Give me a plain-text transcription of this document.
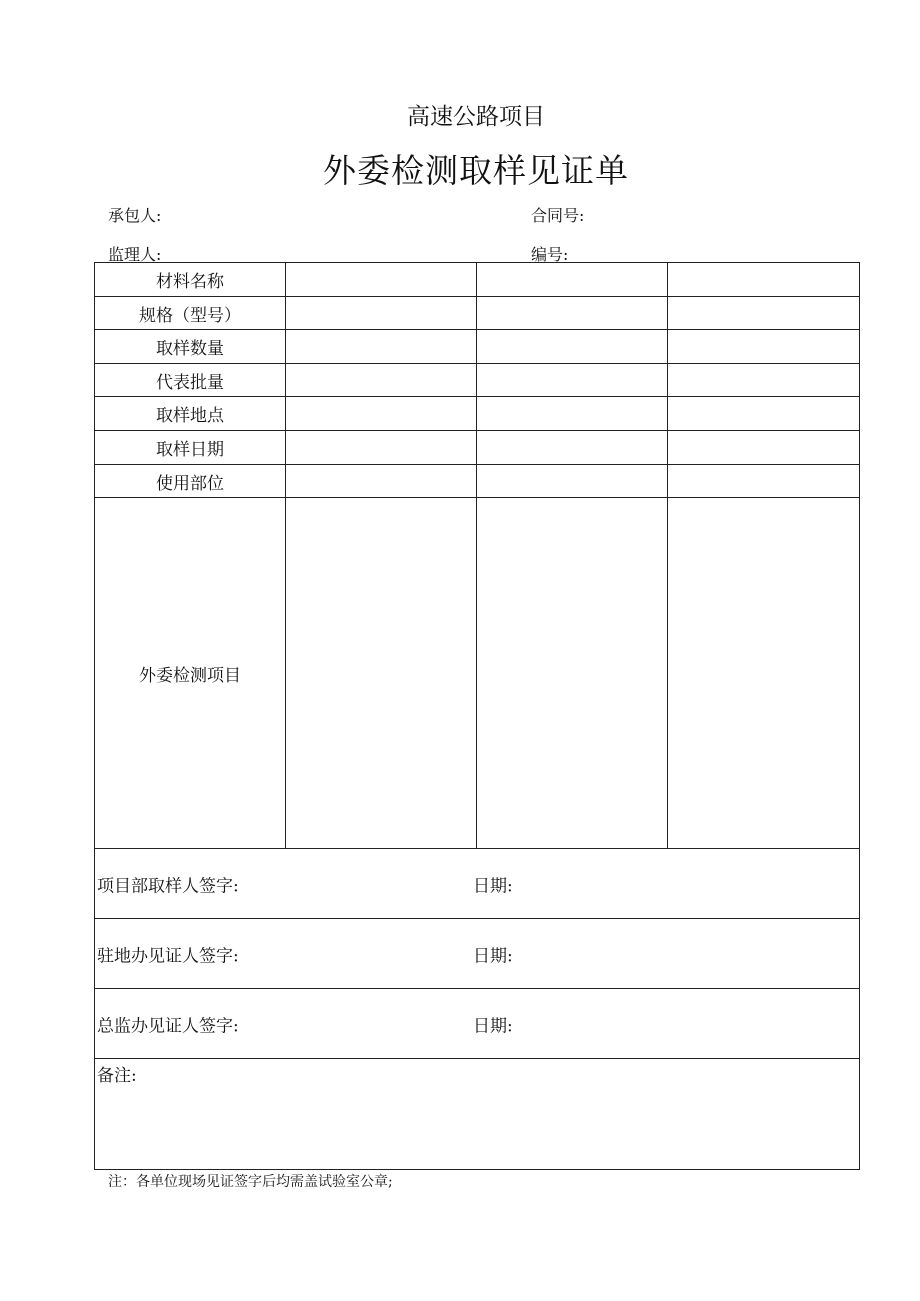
高速公路项目
外委检测取样见证单
承包人:	合同号:
监理人:	编号:
材料名称			
规格（型号）			
取样数量			
代表批量			
取样地点			
取样日期			
使用部位			
外委检测项目			

项目部取样人签字: 日期:			

驻地办见证人签字: 日期:			

总监办见证人签字: 日期:			

备注:			
注：各单位现场见证签字后均需盖试验室公章;
